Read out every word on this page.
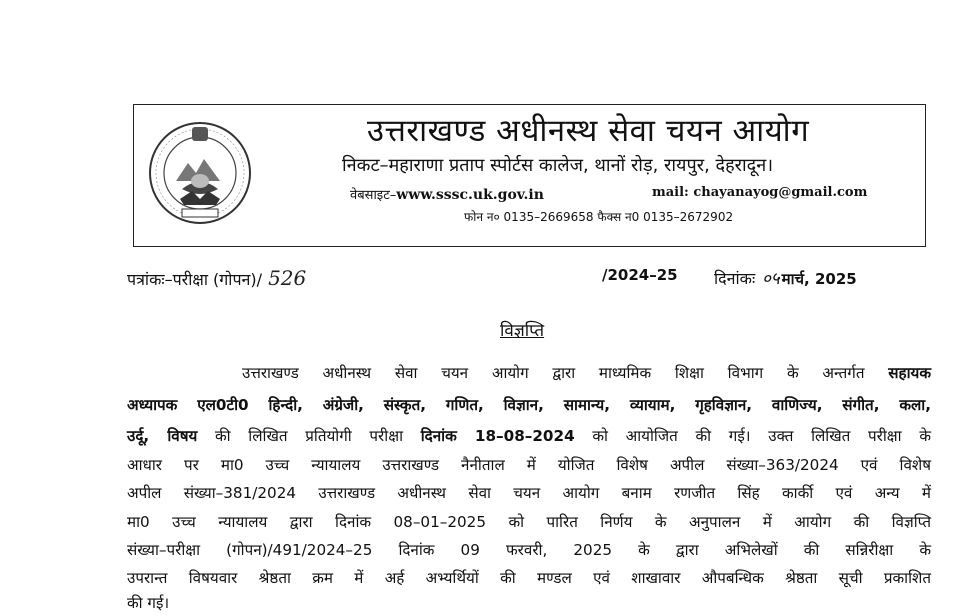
उत्तराखण्ड अधीनस्थ सेवा चयन आयोग
निकट–महाराणा प्रताप स्पोर्टस कालेज, थानों रोड़, रायपुर, देहरादून।
वेबसाइट–www.sssc.uk.gov.in	mail: chayanayog@gmail.com
फोन न० 0135–2669658 फैक्स न0 0135–2672902
पत्रांकः–परीक्षा (गोपन)/ 526	/2024–25 दिनांकः ०५ मार्च, 2025
विज्ञप्ति
उत्तराखण्ड अधीनस्थ सेवा चयन आयोग द्वारा माध्यमिक शिक्षा विभाग के अन्तर्गत सहायक
अध्यापक एल0टी0 हिन्दी, अंग्रेजी, संस्कृत, गणित, विज्ञान, सामान्य, व्यायाम, गृहविज्ञान, वाणिज्य, संगीत, कला,
उर्दू, विषय की लिखित प्रतियोगी परीक्षा दिनांक 18–08–2024 को आयोजित की गई। उक्त लिखित परीक्षा के
आधार पर मा0 उच्च न्यायालय उत्तराखण्ड नैनीताल में योजित विशेष अपील संख्या–363/2024 एवं विशेष
अपील संख्या–381/2024 उत्तराखण्ड अधीनस्थ सेवा चयन आयोग बनाम रणजीत सिंह कार्की एवं अन्य में
मा0 उच्च न्यायालय द्वारा दिनांक 08–01–2025 को पारित निर्णय के अनुपालन में आयोग की विज्ञप्ति
संख्या–परीक्षा (गोपन)/491/2024–25 दिनांक 09 फरवरी, 2025 के द्वारा अभिलेखों की सन्निरीक्षा के
उपरान्त विषयवार श्रेष्ठता क्रम में अर्ह अभ्यर्थियों की मण्डल एवं शाखावार औपबन्धिक श्रेष्ठता सूची प्रकाशित
की गई।
